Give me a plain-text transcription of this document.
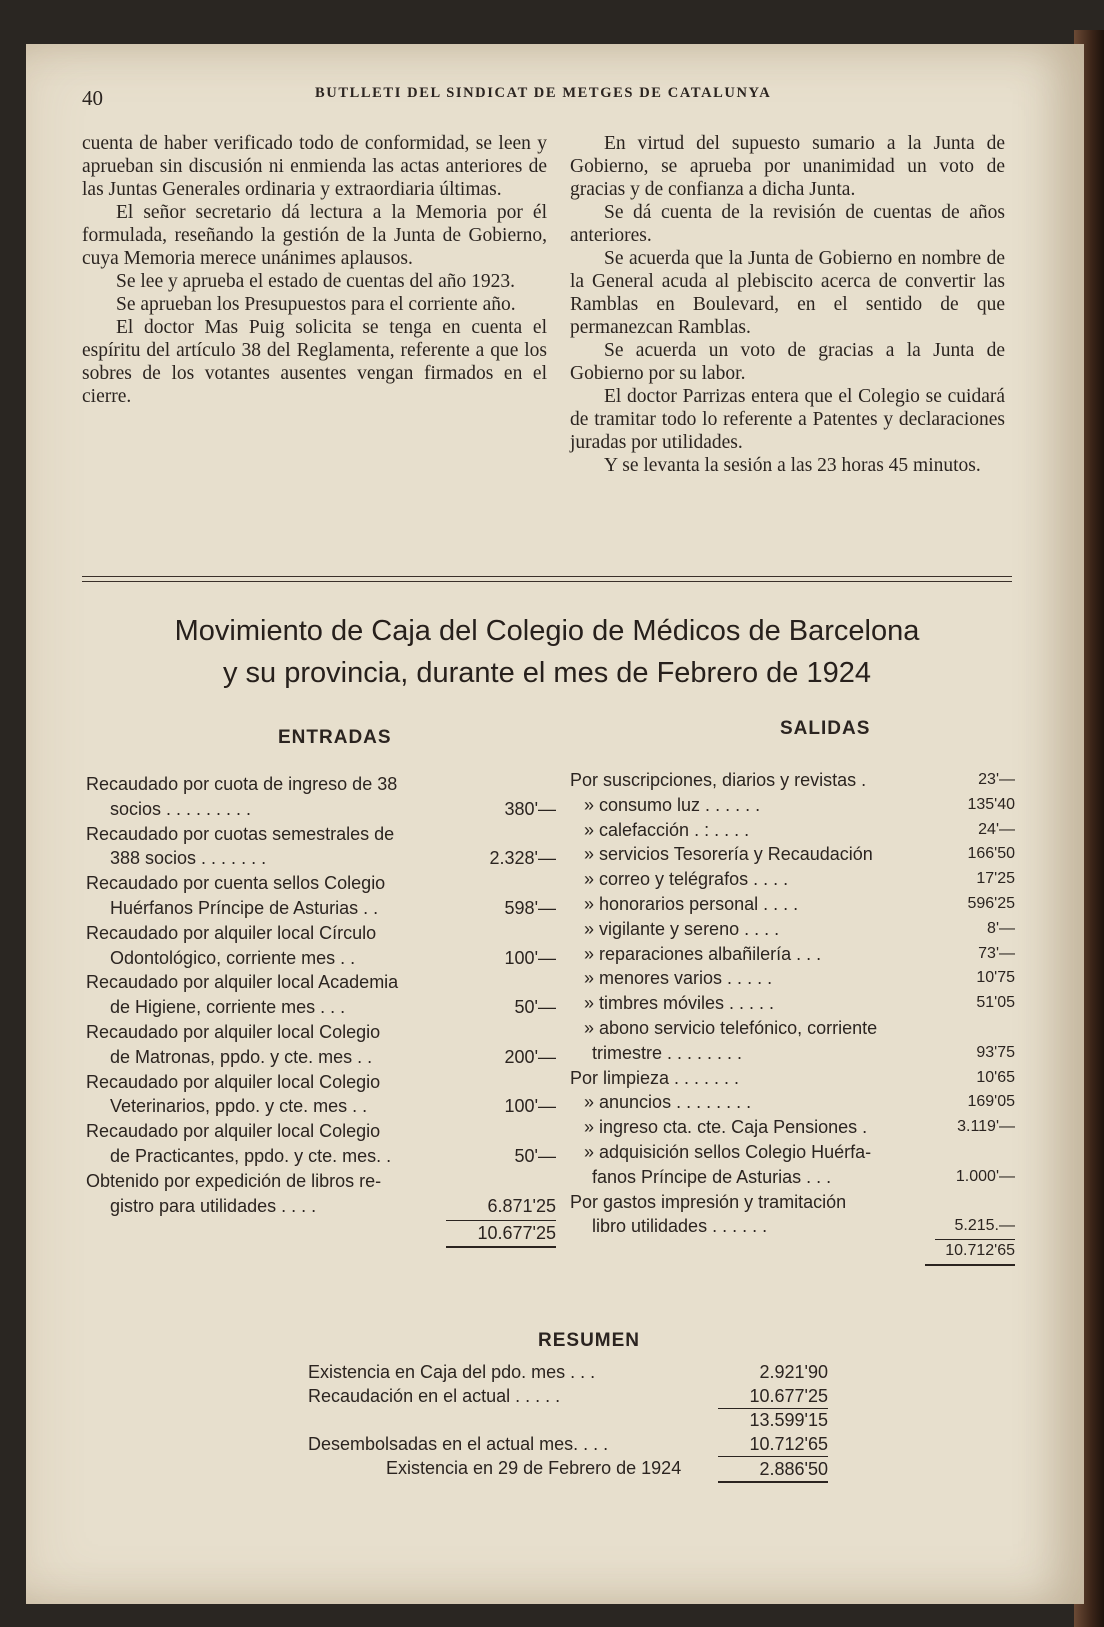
40	BUTLLETI DEL SINDICAT DE METGES DE CATALUNYA

cuenta de haber verificado todo de conformidad, se leen y aprueban sin discusión ni enmienda las actas anteriores de las Juntas Generales ordinaria y extraordiaria últimas.

El señor secretario dá lectura a la Memoria por él formulada, reseñando la gestión de la Junta de Gobierno, cuya Memoria merece unánimes aplausos.

Se lee y aprueba el estado de cuentas del año 1923.

Se aprueban los Presupuestos para el corriente año.

El doctor Mas Puig solicita se tenga en cuenta el espíritu del artículo 38 del Reglamenta, referente a que los sobres de los votantes ausentes vengan firmados en el cierre.

En virtud del supuesto sumario a la Junta de Gobierno, se aprueba por unanimidad un voto de gracias y de confianza a dicha Junta.

Se dá cuenta de la revisión de cuentas de años anteriores.

Se acuerda que la Junta de Gobierno en nombre de la General acuda al plebiscito acerca de convertir las Ramblas en Boulevard, en el sentido de que permanezcan Ramblas.

Se acuerda un voto de gracias a la Junta de Gobierno por su labor.

El doctor Parrizas entera que el Colegio se cuidará de tramitar todo lo referente a Patentes y declaraciones juradas por utilidades.

Y se levanta la sesión a las 23 horas 45 minutos.

Movimiento de Caja del Colegio de Médicos de Barcelona
y su provincia, durante el mes de Febrero de 1924
ENTRADAS	SALIDAS
Recaudado por cuota de ingreso de 38
socios . . . . . . . . .	380'—
Recaudado por cuotas semestrales de
388 socios . . . . . . .	2.328'—
Recaudado por cuenta sellos Colegio
Huérfanos Príncipe de Asturias . .	598'—
Recaudado por alquiler local Círculo
Odontológico, corriente mes . .	100'—
Recaudado por alquiler local Academia
de Higiene, corriente mes . . .	50'—
Recaudado por alquiler local Colegio
de Matronas, ppdo. y cte. mes . .	200'—
Recaudado por alquiler local Colegio
Veterinarios, ppdo. y cte. mes . .	100'—
Recaudado por alquiler local Colegio
de Practicantes, ppdo. y cte. mes. .	50'—
Obtenido por expedición de libros re-
gistro para utilidades . . . .	6.871'25
10.677'25
Por suscripciones, diarios y revistas .	23'—
» consumo luz . . . . . .	135'40
» calefacción . : . . . .	24'—
» servicios Tesorería y Recaudación	166'50
» correo y telégrafos . . . .	17'25
» honorarios personal . . . .	596'25
» vigilante y sereno . . . .	8'—
» reparaciones albañilería . . .	73'—
» menores varios . . . . .	10'75
» timbres móviles . . . . .	51'05
» abono servicio telefónico, corriente
trimestre . . . . . . . .	93'75
Por limpieza . . . . . . .	10'65
» anuncios . . . . . . . .	169'05
» ingreso cta. cte. Caja Pensiones .	3.119'—
» adquisición sellos Colegio Huérfa-
fanos Príncipe de Asturias . . .	1.000'—
Por gastos impresión y tramitación
libro utilidades . . . . . .	5.215.—
10.712'65
RESUMEN
Existencia en Caja del pdo. mes . . .	2.921'90
Recaudación en el actual . . . . .	10.677'25
13.599'15
Desembolsadas en el actual mes. . . .	10.712'65
Existencia en 29 de Febrero de 1924	2.886'50
